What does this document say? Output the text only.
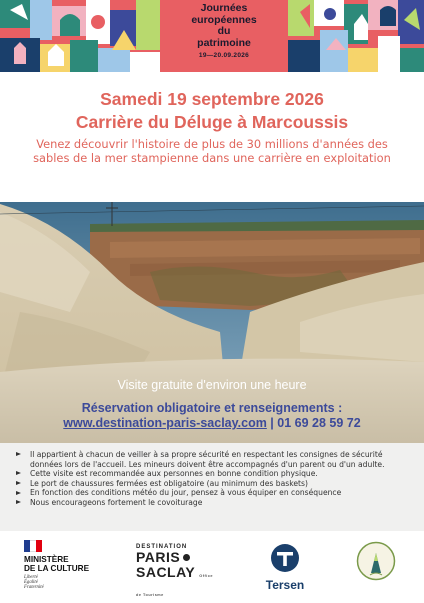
Journées
européennes
du
patrimoine
19—20.09.2026
Samedi 19 septembre 2026
Carrière du Déluge à Marcoussis
Venez découvrir l'histoire de plus de 30 millions d'années des sables de la mer stampienne dans une carrière en exploitation
Visite gratuite d'environ une heure
Réservation obligatoire et renseignements :
www.destination-paris-saclay.com | 01 69 28 59 72
Il appartient à chacun de veiller à sa propre sécurité en respectant les consignes de sécurité données lors de l'accueil. Les mineurs doivent être accompagnés d'un parent ou d'un adulte.
Cette visite est recommandée aux personnes en bonne condition physique.
Le port de chaussures fermées est obligatoire (au minimum des baskets)
En fonction des conditions météo du jour, pensez à vous équiper en conséquence
Nous encourageons fortement le covoiturage
MINISTÈRE
DE LA CULTURE
Liberté
Égalité
Fraternité
DESTINATION
PARIS
SACLAY Office de Tourisme
Tersen
